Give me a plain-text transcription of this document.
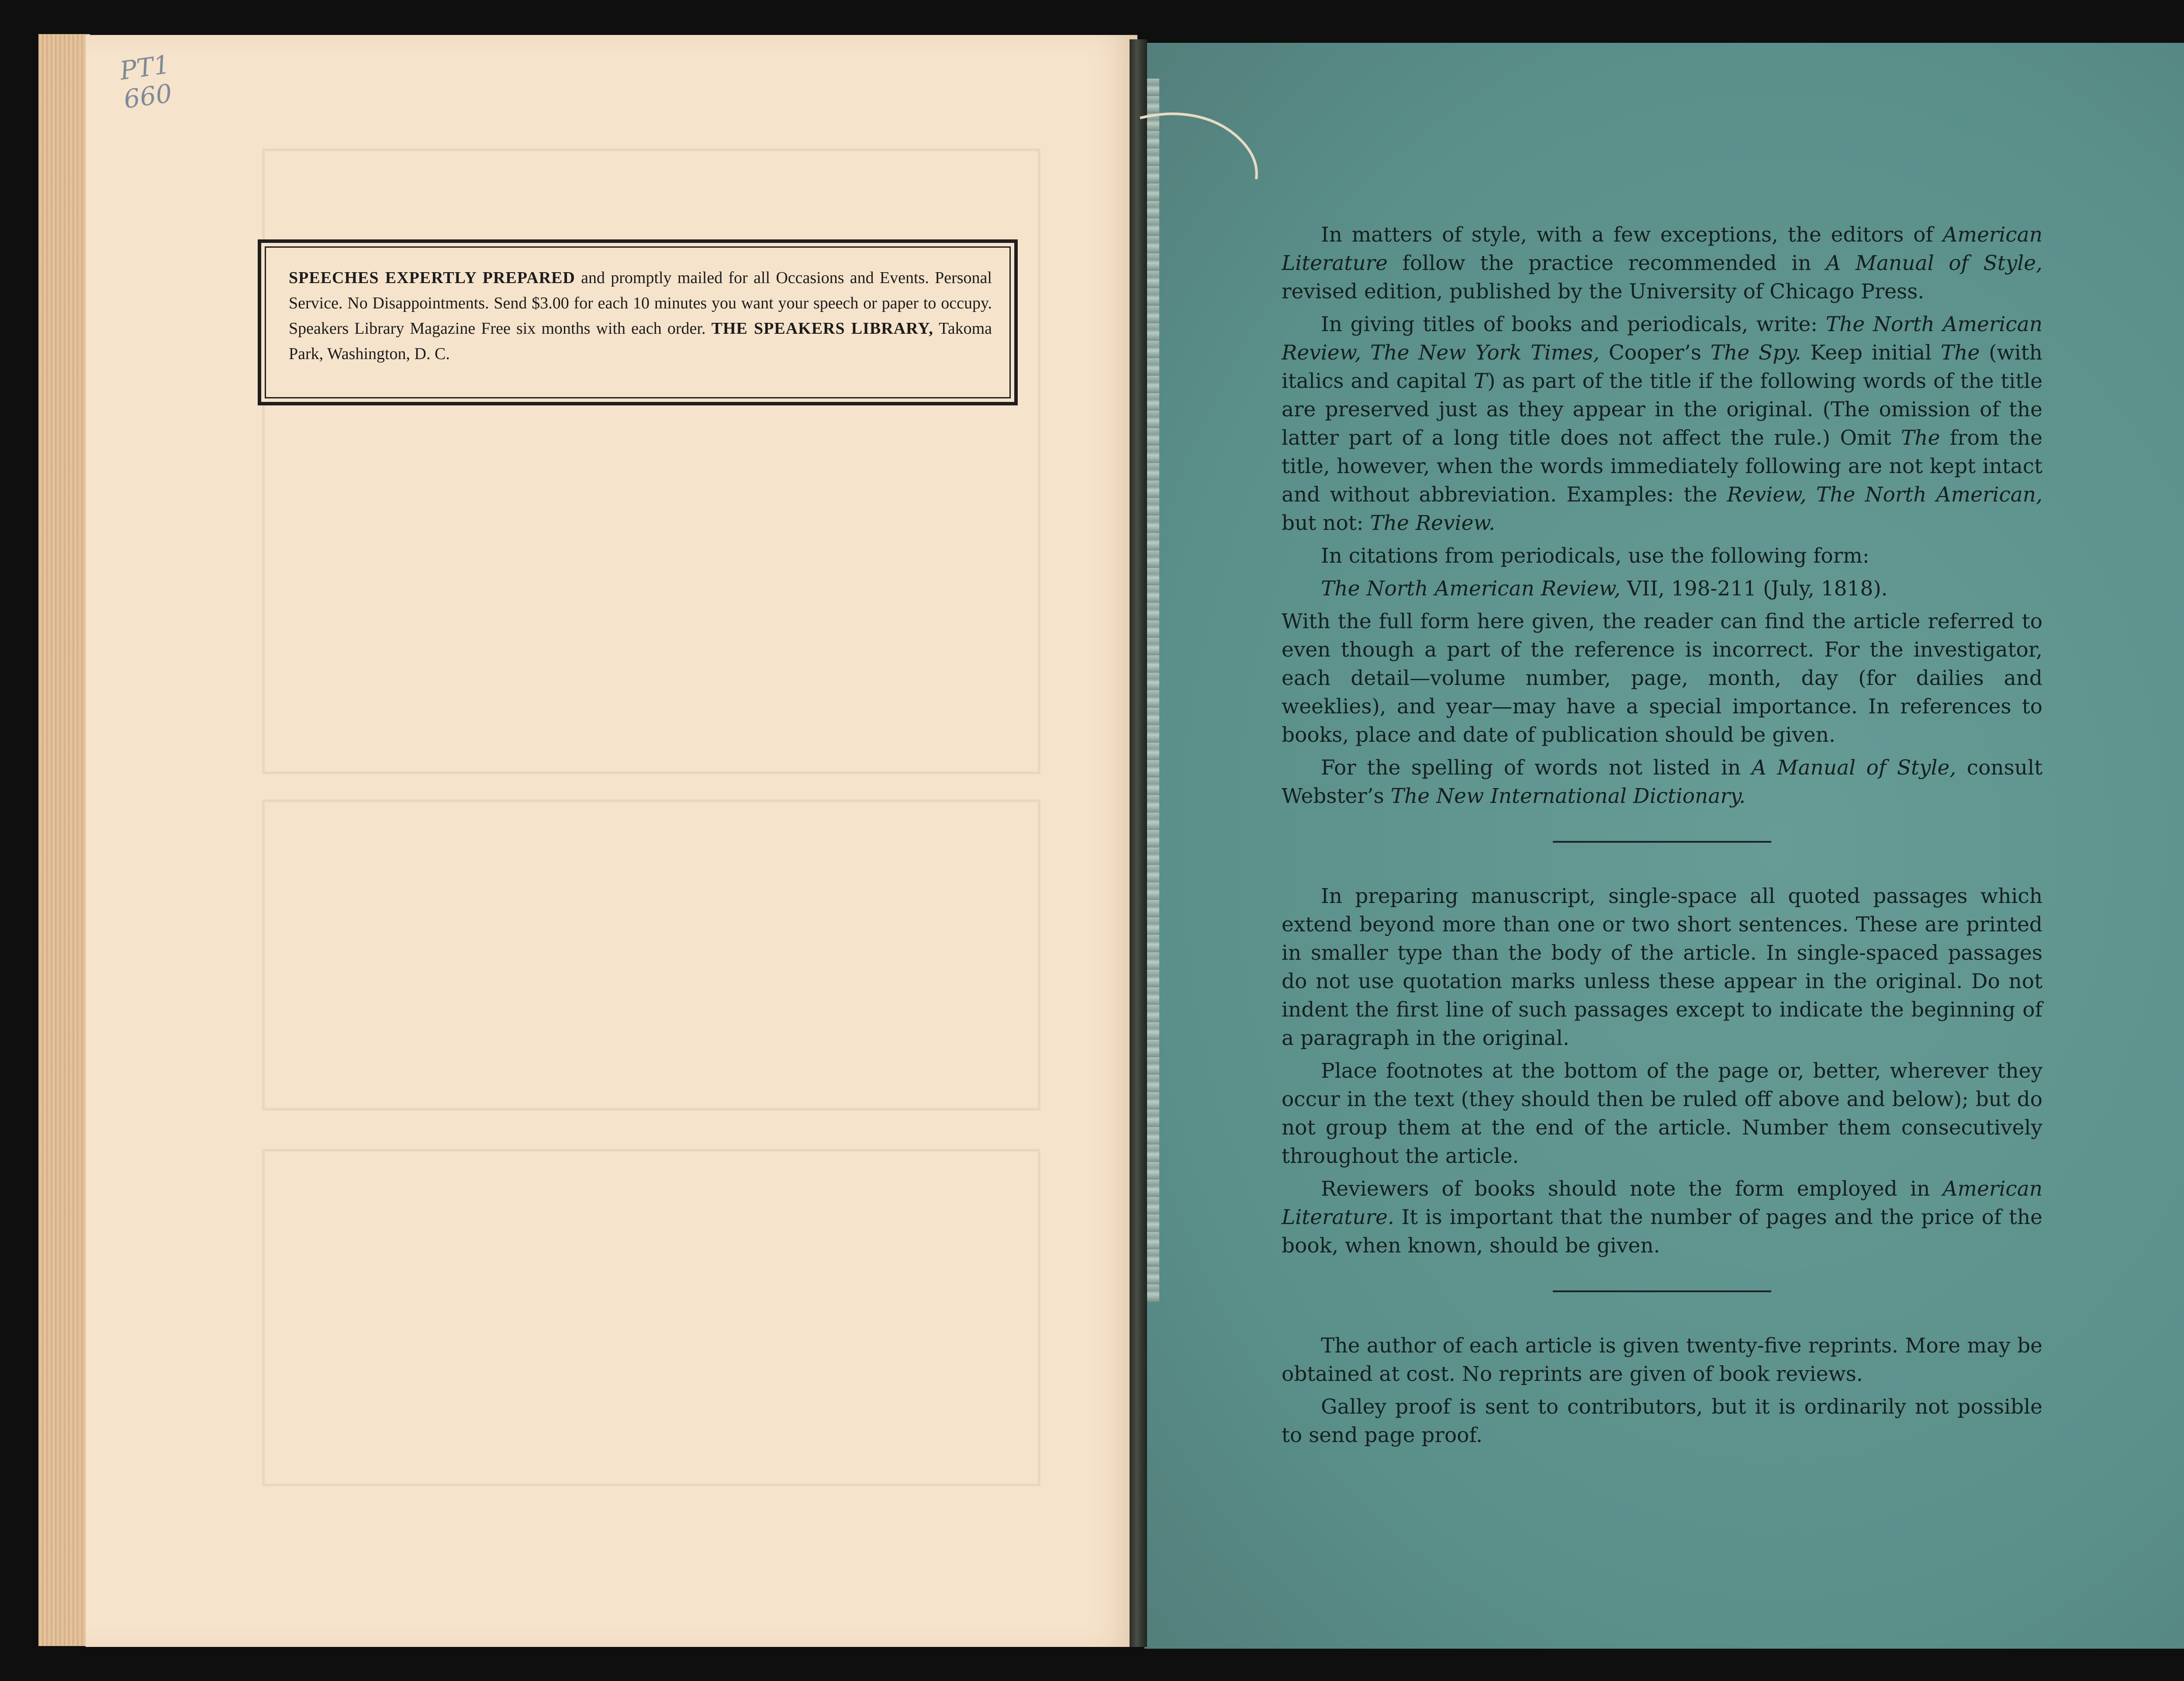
PT1
660
SPEECHES EXPERTLY PREPARED and promptly mailed for all Occasions and Events. Personal Service. No Disappointments. Send $3.00 for each 10 minutes you want your speech or paper to occupy. Speakers Library Magazine Free six months with each order. THE SPEAKERS LIBRARY, Takoma Park, Washington, D. C.

In matters of style, with a few exceptions, the editors of American Literature follow the practice recommended in A Manual of Style, revised edition, published by the University of Chicago Press.

In giving titles of books and periodicals, write: The North American Review, The New York Times, Cooper’s The Spy. Keep initial The (with italics and capital T) as part of the title if the following words of the title are preserved just as they appear in the original. (The omission of the latter part of a long title does not affect the rule.) Omit The from the title, however, when the words immediately following are not kept intact and without abbreviation. Examples: the Review, The North American, but not: The Review.

In citations from periodicals, use the following form:

The North American Review, VII, 198-211 (July, 1818).

With the full form here given, the reader can find the article referred to even though a part of the reference is incorrect. For the investigator, each detail—volume number, page, month, day (for dailies and weeklies), and year—may have a special importance. In references to books, place and date of publication should be given.

For the spelling of words not listed in A Manual of Style, consult Webster’s The New International Dictionary.

In preparing manuscript, single-space all quoted passages which extend beyond more than one or two short sentences. These are printed in smaller type than the body of the article. In single-spaced passages do not use quotation marks unless these appear in the original. Do not indent the first line of such passages except to indicate the beginning of a paragraph in the original.

Place footnotes at the bottom of the page or, better, wherever they occur in the text (they should then be ruled off above and below); but do not group them at the end of the article. Number them consecutively throughout the article.

Reviewers of books should note the form employed in American Literature. It is important that the number of pages and the price of the book, when known, should be given.

The author of each article is given twenty-five reprints. More may be obtained at cost. No reprints are given of book reviews.

Galley proof is sent to contributors, but it is ordinarily not possible to send page proof.
